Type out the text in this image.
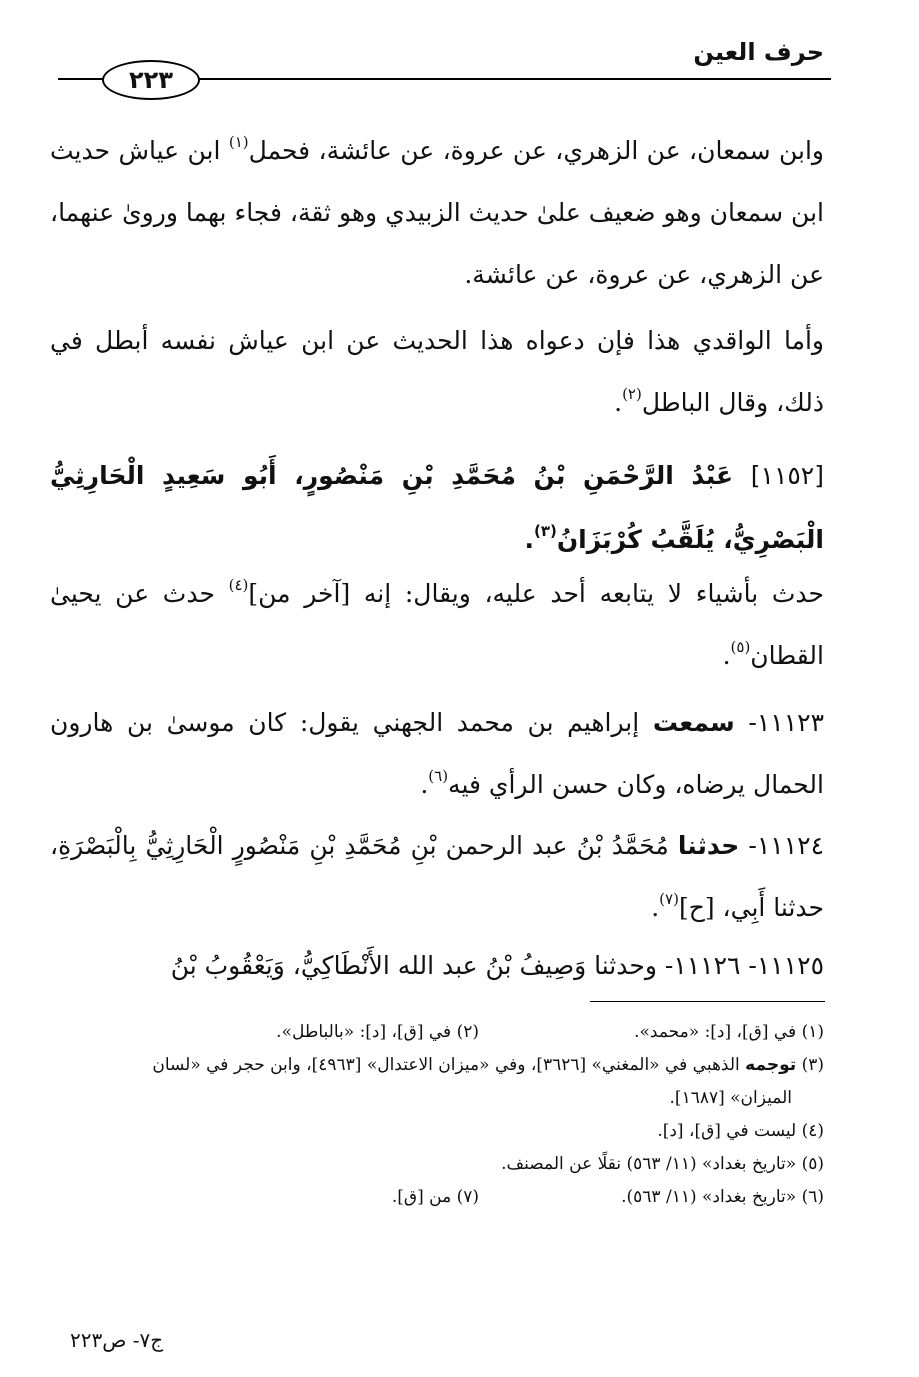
حرف العين
٢٢٣

وابن سمعان، عن الزهري، عن عروة، عن عائشة، فحمل$^{(١)}$ ابن عياش حديث ابن سمعان وهو ضعيف علىٰ حديث الزبيدي وهو ثقة، فجاء بهما وروىٰ عنهما، عن الزهري، عن عروة، عن عائشة.

وأما الواقدي هذا فإن دعواه هذا الحديث عن ابن عياش نفسه أبطل في ذلك، وقال الباطل$^{(٢)}$.

[١١٥٢] عَبْدُ الرَّحْمَنِ بْنُ مُحَمَّدِ بْنِ مَنْصُورٍ، أَبُو سَعِيدٍ الْحَارِثِيُّ الْبَصْرِيُّ، يُلَقَّبُ كُرْبَزَانُ$^{(٣)}$.

حدث بأشياء لا يتابعه أحد عليه، ويقال: إنه [آخر من]$^{(٤)}$ حدث عن يحيىٰ القطان$^{(٥)}$.

١١١٢٣- سمعت إبراهيم بن محمد الجهني يقول: كان موسىٰ بن هارون الحمال يرضاه، وكان حسن الرأي فيه$^{(٦)}$.

١١١٢٤- حدثنا مُحَمَّدُ بْنُ عبد الرحمن بْنِ مُحَمَّدِ بْنِ مَنْصُورٍ الْحَارِثِيُّ بِالْبَصْرَةِ، حدثنا أَبِي، [ح]$^{(٧)}$.

١١١٢٥- ١١١٢٦- وحدثنا وَصِيفُ بْنُ عبد الله الأَنْطَاكِيُّ، وَيَعْقُوبُ بْنُ

(١) في [ق]، [د]: «محمد».

(٢) في [ق]، [د]: «بالباطل».

(٣) توجمه الذهبي في «المغني» [٣٦٢٦]، وفي «ميزان الاعتدال» [٤٩٦٣]، وابن حجر في «لسان

الميزان» [١٦٨٧].

(٤) ليست في [ق]، [د].

(٥) «تاريخ بغداد» (١١/ ٥٦٣) نقلًا عن المصنف.

(٦) «تاريخ بغداد» (١١/ ٥٦٣).

(٧) من [ق].

ج٧- ص٢٢٣
